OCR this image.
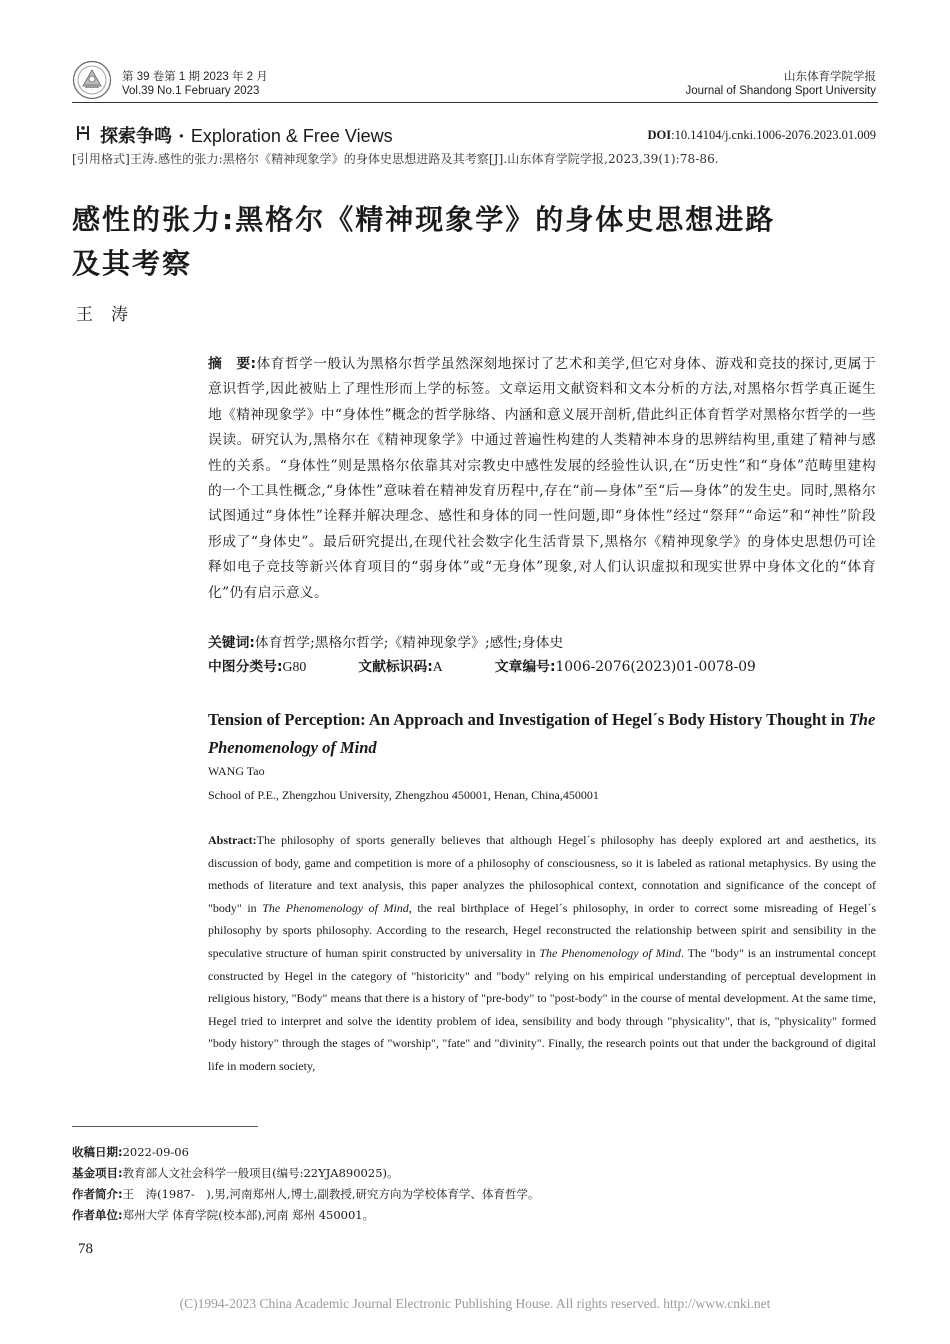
第 39 卷第 1 期 2023 年 2 月
Vol.39 No.1 February 2023
山东体育学院学报
Journal of Shandong Sport University
探索争鸣 · Exploration & Free Views	DOI:10.14104/j.cnki.1006-2076.2023.01.009
[引用格式]王涛.感性的张力:黑格尔《精神现象学》的身体史思想进路及其考察[J].山东体育学院学报,2023,39(1):78-86.
感性的张力:黑格尔《精神现象学》的身体史思想进路
及其考察
王涛
摘　要:体育哲学一般认为黑格尔哲学虽然深刻地探讨了艺术和美学,但它对身体、游戏和竞技的探讨,更属于意识哲学,因此被贴上了理性形而上学的标签。文章运用文献资料和文本分析的方法,对黑格尔哲学真正诞生地《精神现象学》中“身体性”概念的哲学脉络、内涵和意义展开剖析,借此纠正体育哲学对黑格尔哲学的一些误读。研究认为,黑格尔在《精神现象学》中通过普遍性构建的人类精神本身的思辨结构里,重建了精神与感性的关系。“身体性”则是黑格尔依靠其对宗教史中感性发展的经验性认识,在“历史性”和“身体”范畴里建构的一个工具性概念,“身体性”意味着在精神发育历程中,存在“前—身体”至“后—身体”的发生史。同时,黑格尔试图通过“身体性”诠释并解决理念、感性和身体的同一性问题,即“身体性”经过“祭拜”“命运”和“神性”阶段形成了“身体史”。最后研究提出,在现代社会数字化生活背景下,黑格尔《精神现象学》的身体史思想仍可诠释如电子竞技等新兴体育项目的“弱身体”或“无身体”现象,对人们认识虚拟和现实世界中身体文化的“体育化”仍有启示意义。
关键词:体育哲学;黑格尔哲学;《精神现象学》;感性;身体史
中图分类号:G80	文献标识码:A	文章编号:1006-2076(2023)01-0078-09
Tension of Perception: An Approach and Investigation of Hegel´s Body History Thought in The Phenomenology of Mind
WANG Tao
School of P.E., Zhengzhou University, Zhengzhou 450001, Henan, China,450001
Abstract:The philosophy of sports generally believes that although Hegel´s philosophy has deeply explored art and aesthetics, its discussion of body, game and competition is more of a philosophy of consciousness, so it is labeled as rational metaphysics. By using the methods of literature and text analysis, this paper analyzes the philosophical context, connotation and significance of the concept of "body" in The Phenomenology of Mind, the real birthplace of Hegel´s philosophy, in order to correct some misreading of Hegel´s philosophy by sports philosophy. According to the research, Hegel reconstructed the relationship between spirit and sensibility in the speculative structure of human spirit constructed by universality in The Phenomenology of Mind. The "body" is an instrumental concept constructed by Hegel in the category of "historicity" and "body" relying on his empirical understanding of perceptual development in religious history, "Body" means that there is a history of "pre-body" to "post-body" in the course of mental development. At the same time, Hegel tried to interpret and solve the identity problem of idea, sensibility and body through "physicality", that is, "physicality" formed "body history" through the stages of "worship", "fate" and "divinity". Finally, the research points out that under the background of digital life in modern society,
收稿日期:2022-09-06
基金项目:教育部人文社会科学一般项目(编号:22YJA890025)。
作者简介:王　涛(1987-　),男,河南郑州人,博士,副教授,研究方向为学校体育学、体育哲学。
作者单位:郑州大学 体育学院(校本部),河南 郑州 450001。
78
(C)1994-2023 China Academic Journal Electronic Publishing House. All rights reserved. http://www.cnki.net
